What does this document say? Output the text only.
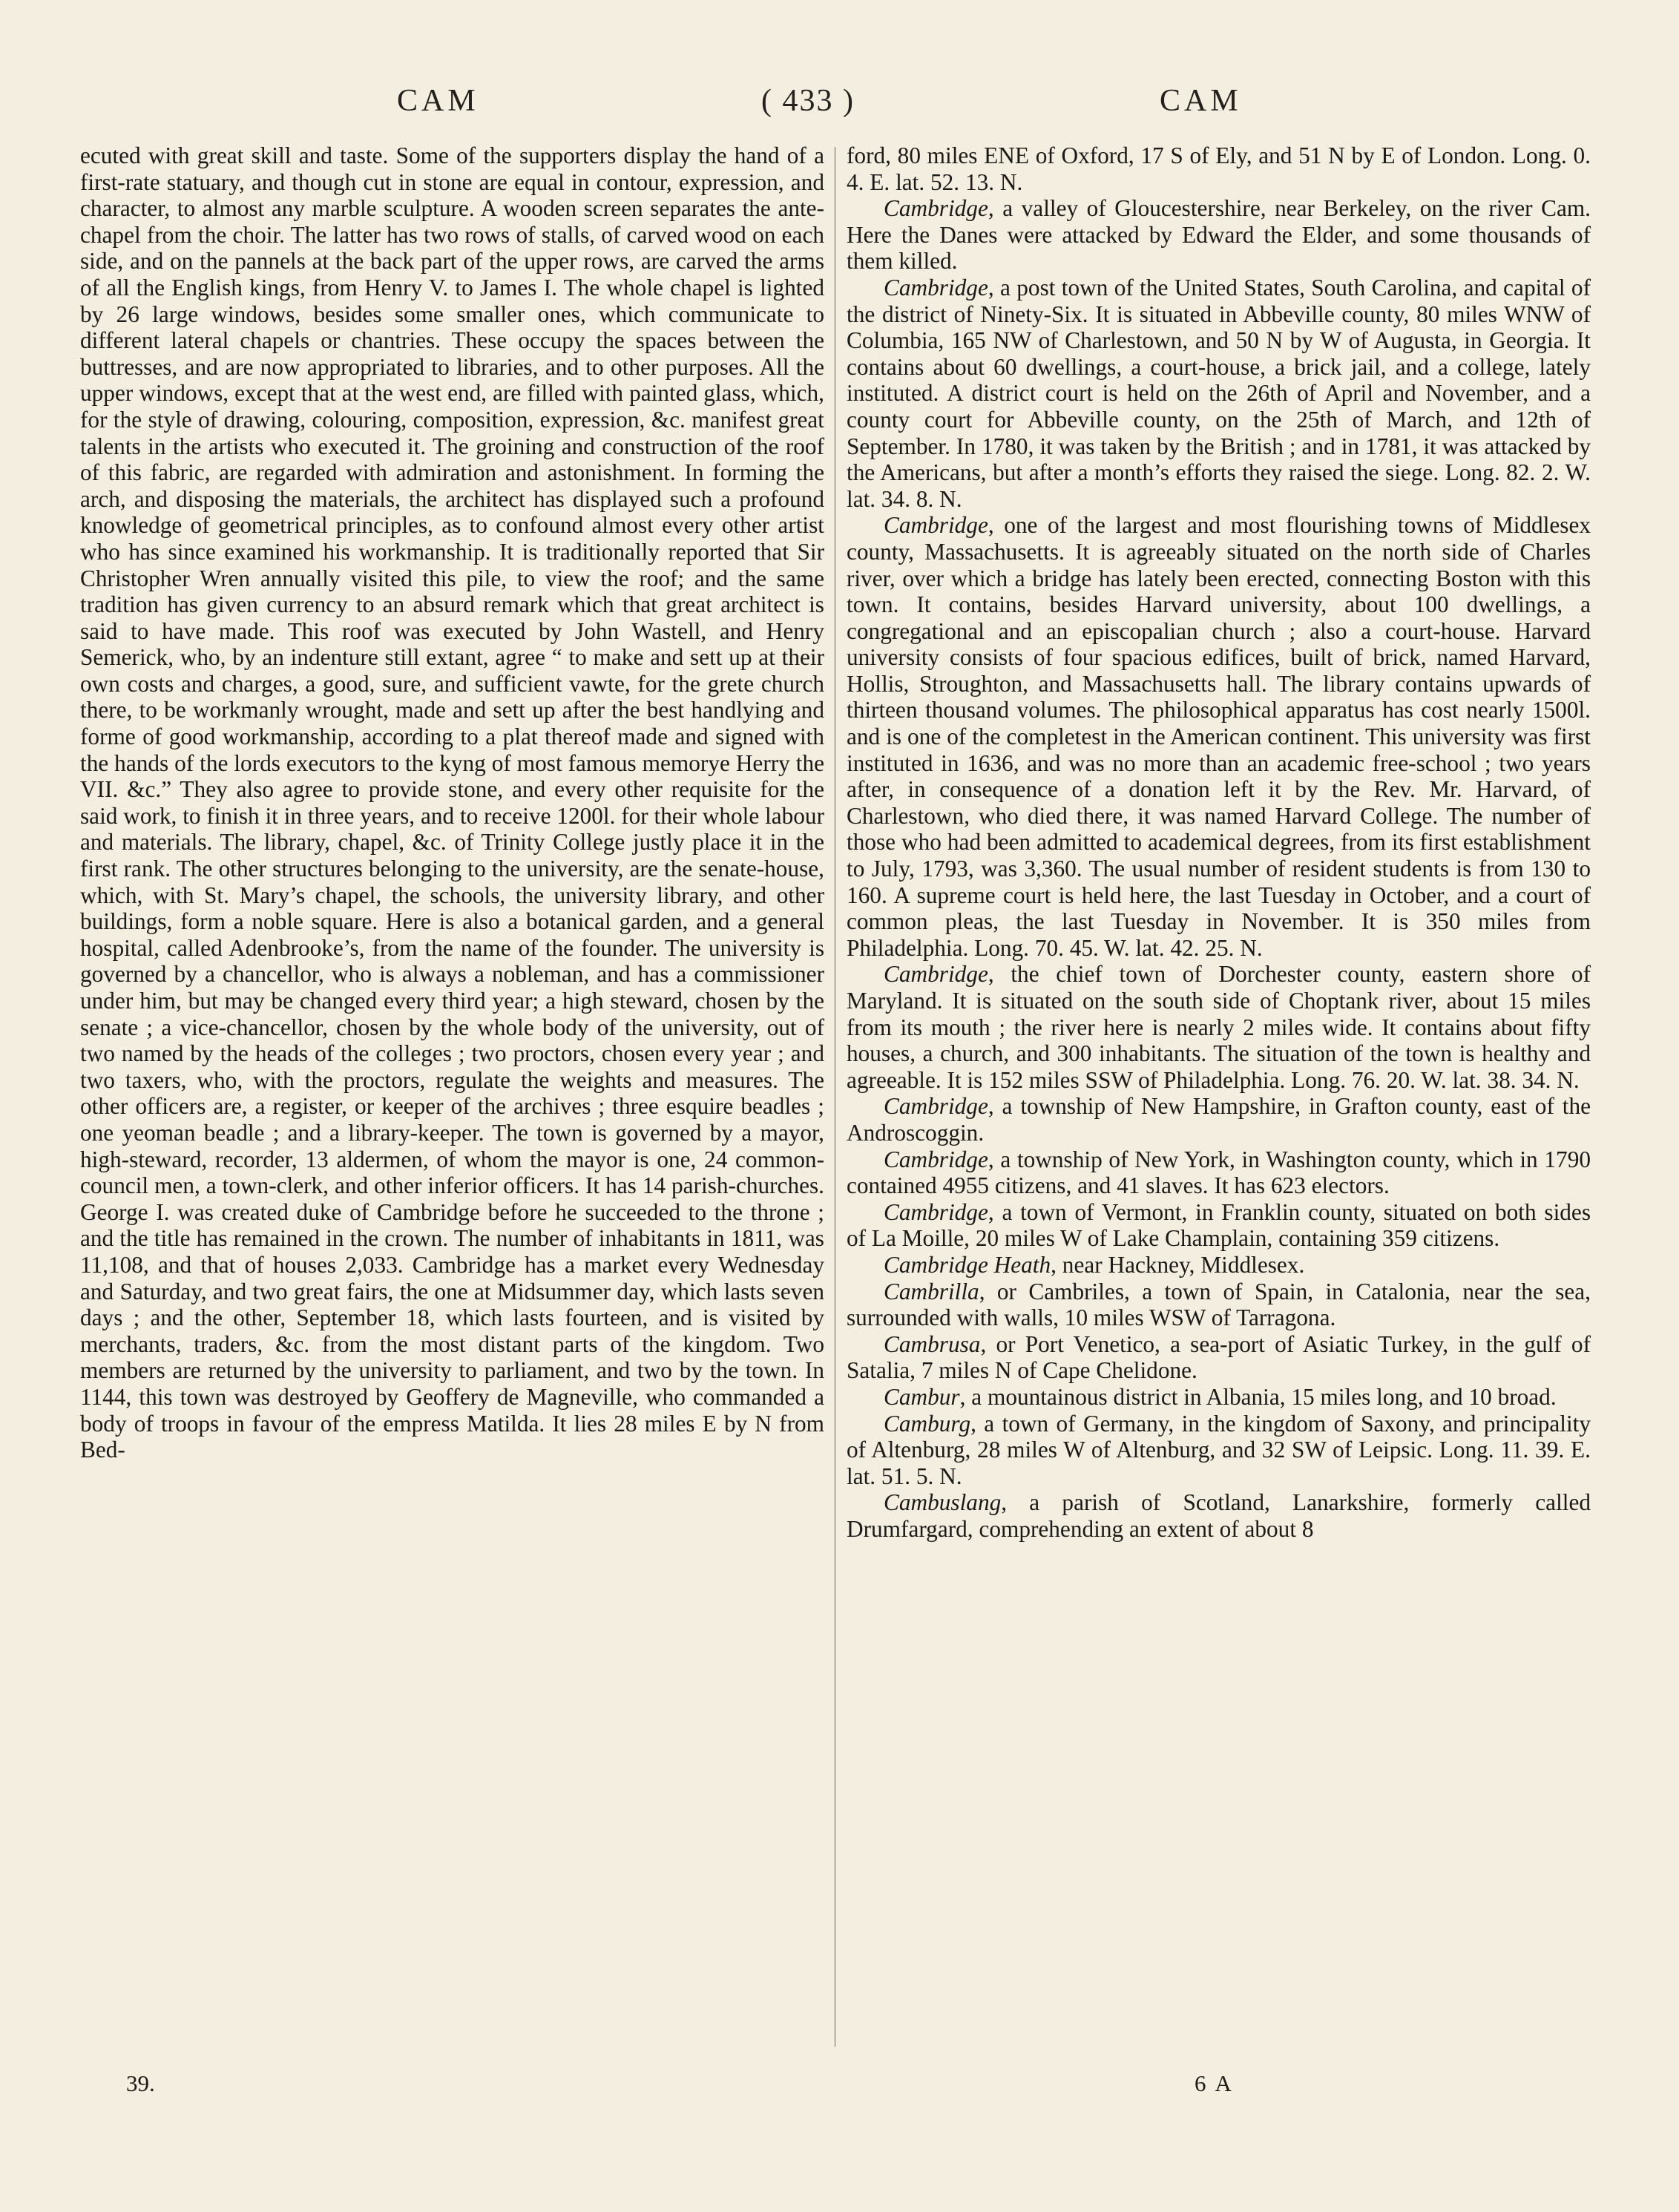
CAM	( 433 )	CAM

ecuted with great skill and taste. Some of the supporters display the hand of a first-rate statuary, and though cut in stone are equal in contour, expression, and character, to almost any marble sculpture. A wooden screen separates the ante-chapel from the choir. The latter has two rows of stalls, of carved wood on each side, and on the pannels at the back part of the upper rows, are carved the arms of all the English kings, from Henry V. to James I. The whole chapel is lighted by 26 large windows, besides some smaller ones, which communicate to different lateral chapels or chantries. These occupy the spaces between the buttresses, and are now appropriated to libraries, and to other purposes. All the upper windows, except that at the west end, are filled with painted glass, which, for the style of drawing, colouring, composition, expression, &c. manifest great talents in the artists who executed it. The groining and construction of the roof of this fabric, are regarded with admiration and astonishment. In forming the arch, and disposing the materials, the architect has displayed such a profound knowledge of geometrical principles, as to confound almost every other artist who has since examined his workmanship. It is traditionally reported that Sir Christopher Wren annually visited this pile, to view the roof; and the same tradition has given currency to an absurd remark which that great architect is said to have made. This roof was executed by John Wastell, and Henry Semerick, who, by an indenture still extant, agree “ to make and sett up at their own costs and charges, a good, sure, and sufficient vawte, for the grete church there, to be workmanly wrought, made and sett up after the best handlying and forme of good workmanship, according to a plat thereof made and signed with the hands of the lords executors to the kyng of most famous memorye Herry the VII. &c.” They also agree to provide stone, and every other requisite for the said work, to finish it in three years, and to receive 1200l. for their whole labour and materials. The library, chapel, &c. of Trinity College justly place it in the first rank. The other structures belonging to the university, are the senate-house, which, with St. Mary’s chapel, the schools, the university library, and other buildings, form a noble square. Here is also a botanical garden, and a general hospital, called Adenbrooke’s, from the name of the founder. The university is governed by a chancellor, who is always a nobleman, and has a commissioner under him, but may be changed every third year; a high steward, chosen by the senate ; a vice-chancellor, chosen by the whole body of the university, out of two named by the heads of the colleges ; two proctors, chosen every year ; and two taxers, who, with the proctors, regulate the weights and measures. The other officers are, a register, or keeper of the archives ; three esquire beadles ; one yeoman beadle ; and a library-keeper. The town is governed by a mayor, high-steward, recorder, 13 aldermen, of whom the mayor is one, 24 common-council men, a town-clerk, and other inferior officers. It has 14 parish-churches. George I. was created duke of Cambridge before he succeeded to the throne ; and the title has remained in the crown. The number of inhabitants in 1811, was 11,108, and that of houses 2,033. Cambridge has a market every Wednesday and Saturday, and two great fairs, the one at Midsummer day, which lasts seven days ; and the other, September 18, which lasts fourteen, and is visited by merchants, traders, &c. from the most distant parts of the kingdom. Two members are returned by the university to parliament, and two by the town. In 1144, this town was destroyed by Geoffery de Magneville, who commanded a body of troops in favour of the empress Matilda. It lies 28 miles E by N from Bed-

ford, 80 miles ENE of Oxford, 17 S of Ely, and 51 N by E of London. Long. 0. 4. E. lat. 52. 13. N.

Cambridge, a valley of Gloucestershire, near Berkeley, on the river Cam. Here the Danes were attacked by Edward the Elder, and some thousands of them killed.

Cambridge, a post town of the United States, South Carolina, and capital of the district of Ninety-Six. It is situated in Abbeville county, 80 miles WNW of Columbia, 165 NW of Charlestown, and 50 N by W of Augusta, in Georgia. It contains about 60 dwellings, a court-house, a brick jail, and a college, lately instituted. A district court is held on the 26th of April and November, and a county court for Abbeville county, on the 25th of March, and 12th of September. In 1780, it was taken by the British ; and in 1781, it was attacked by the Americans, but after a month’s efforts they raised the siege. Long. 82. 2. W. lat. 34. 8. N.

Cambridge, one of the largest and most flourishing towns of Middlesex county, Massachusetts. It is agreeably situated on the north side of Charles river, over which a bridge has lately been erected, connecting Boston with this town. It contains, besides Harvard university, about 100 dwellings, a congregational and an episcopalian church ; also a court-house. Harvard university consists of four spacious edifices, built of brick, named Harvard, Hollis, Stroughton, and Massachusetts hall. The library contains upwards of thirteen thousand volumes. The philosophical apparatus has cost nearly 1500l. and is one of the completest in the American continent. This university was first instituted in 1636, and was no more than an academic free-school ; two years after, in consequence of a donation left it by the Rev. Mr. Harvard, of Charlestown, who died there, it was named Harvard College. The number of those who had been admitted to academical degrees, from its first establishment to July, 1793, was 3,360. The usual number of resident students is from 130 to 160. A supreme court is held here, the last Tuesday in October, and a court of common pleas, the last Tuesday in November. It is 350 miles from Philadelphia. Long. 70. 45. W. lat. 42. 25. N.

Cambridge, the chief town of Dorchester county, eastern shore of Maryland. It is situated on the south side of Choptank river, about 15 miles from its mouth ; the river here is nearly 2 miles wide. It contains about fifty houses, a church, and 300 inhabitants. The situation of the town is healthy and agreeable. It is 152 miles SSW of Philadelphia. Long. 76. 20. W. lat. 38. 34. N.

Cambridge, a township of New Hampshire, in Grafton county, east of the Androscoggin.

Cambridge, a township of New York, in Washington county, which in 1790 contained 4955 citizens, and 41 slaves. It has 623 electors.

Cambridge, a town of Vermont, in Franklin county, situated on both sides of La Moille, 20 miles W of Lake Champlain, containing 359 citizens.

Cambridge Heath, near Hackney, Middlesex.

Cambrilla, or Cambriles, a town of Spain, in Catalonia, near the sea, surrounded with walls, 10 miles WSW of Tarragona.

Cambrusa, or Port Venetico, a sea-port of Asiatic Turkey, in the gulf of Satalia, 7 miles N of Cape Chelidone.

Cambur, a mountainous district in Albania, 15 miles long, and 10 broad.

Camburg, a town of Germany, in the kingdom of Saxony, and principality of Altenburg, 28 miles W of Altenburg, and 32 SW of Leipsic. Long. 11. 39. E. lat. 51. 5. N.

Cambuslang, a parish of Scotland, Lanarkshire, formerly called Drumfargard, comprehending an extent of about 8

39.	6 A
